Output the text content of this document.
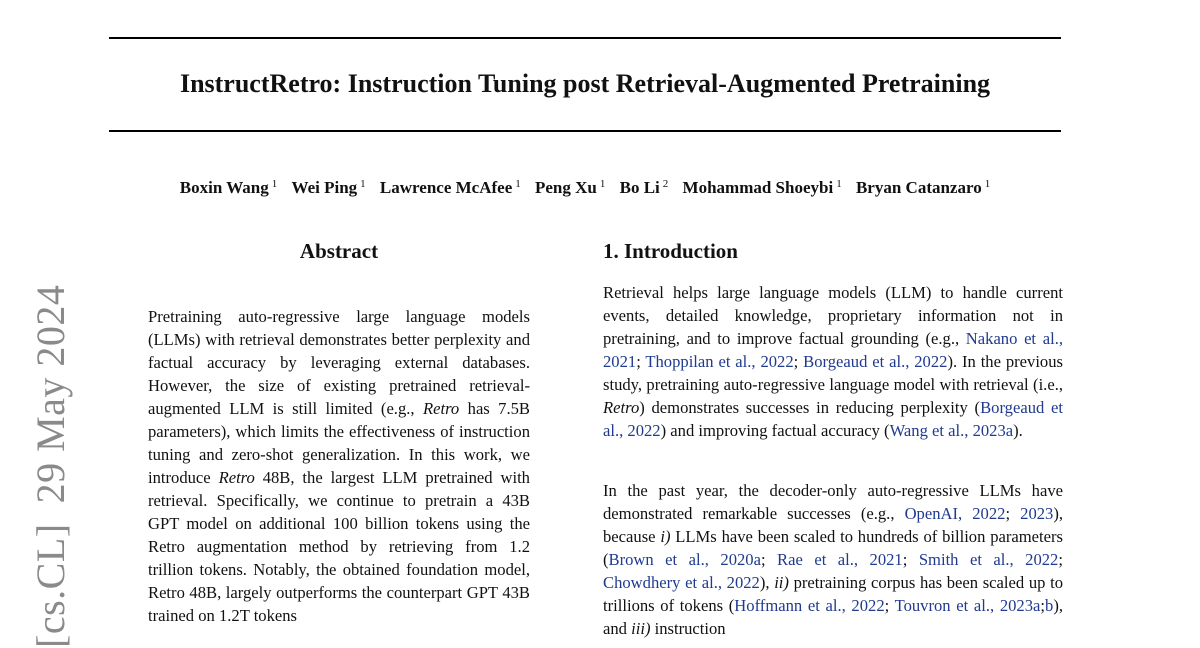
InstructRetro: Instruction Tuning post Retrieval-Augmented Pretraining
Boxin Wang $^1$ Wei Ping $^1$ Lawrence McAfee $^1$ Peng Xu $^1$ Bo Li $^2$ Mohammad Shoeybi $^1$ Bryan Catanzaro $^1$
[cs.CL]29 May 2024
Abstract

Pretraining auto-regressive large language models (LLMs) with retrieval demonstrates better perplexity and factual accuracy by leveraging external databases. However, the size of existing pretrained retrieval-augmented LLM is still limited (e.g., Retro has 7.5B parameters), which limits the effectiveness of instruction tuning and zero-shot generalization. In this work, we introduce Retro 48B, the largest LLM pretrained with retrieval. Specifically, we continue to pretrain a 43B GPT model on additional 100 billion tokens using the Retro augmentation method by retrieving from 1.2 trillion tokens. Notably, the obtained foundation model, Retro 48B, largely outperforms the counterpart GPT 43B trained on 1.2T tokens

1. Introduction

Retrieval helps large language models (LLM) to handle current events, detailed knowledge, proprietary information not in pretraining, and to improve factual grounding (e.g., Nakano et al., 2021; Thoppilan et al., 2022; Borgeaud et al., 2022). In the previous study, pretraining auto-regressive language model with retrieval (i.e., Retro) demonstrates successes in reducing perplexity (Borgeaud et al., 2022) and improving factual accuracy (Wang et al., 2023a).

In the past year, the decoder-only auto-regressive LLMs have demonstrated remarkable successes (e.g., OpenAI, 2022; 2023), because i) LLMs have been scaled to hundreds of billion parameters (Brown et al., 2020a; Rae et al., 2021; Smith et al., 2022; Chowdhery et al., 2022), ii) pretraining corpus has been scaled up to trillions of tokens (Hoffmann et al., 2022; Touvron et al., 2023a;b), and iii) instruction
